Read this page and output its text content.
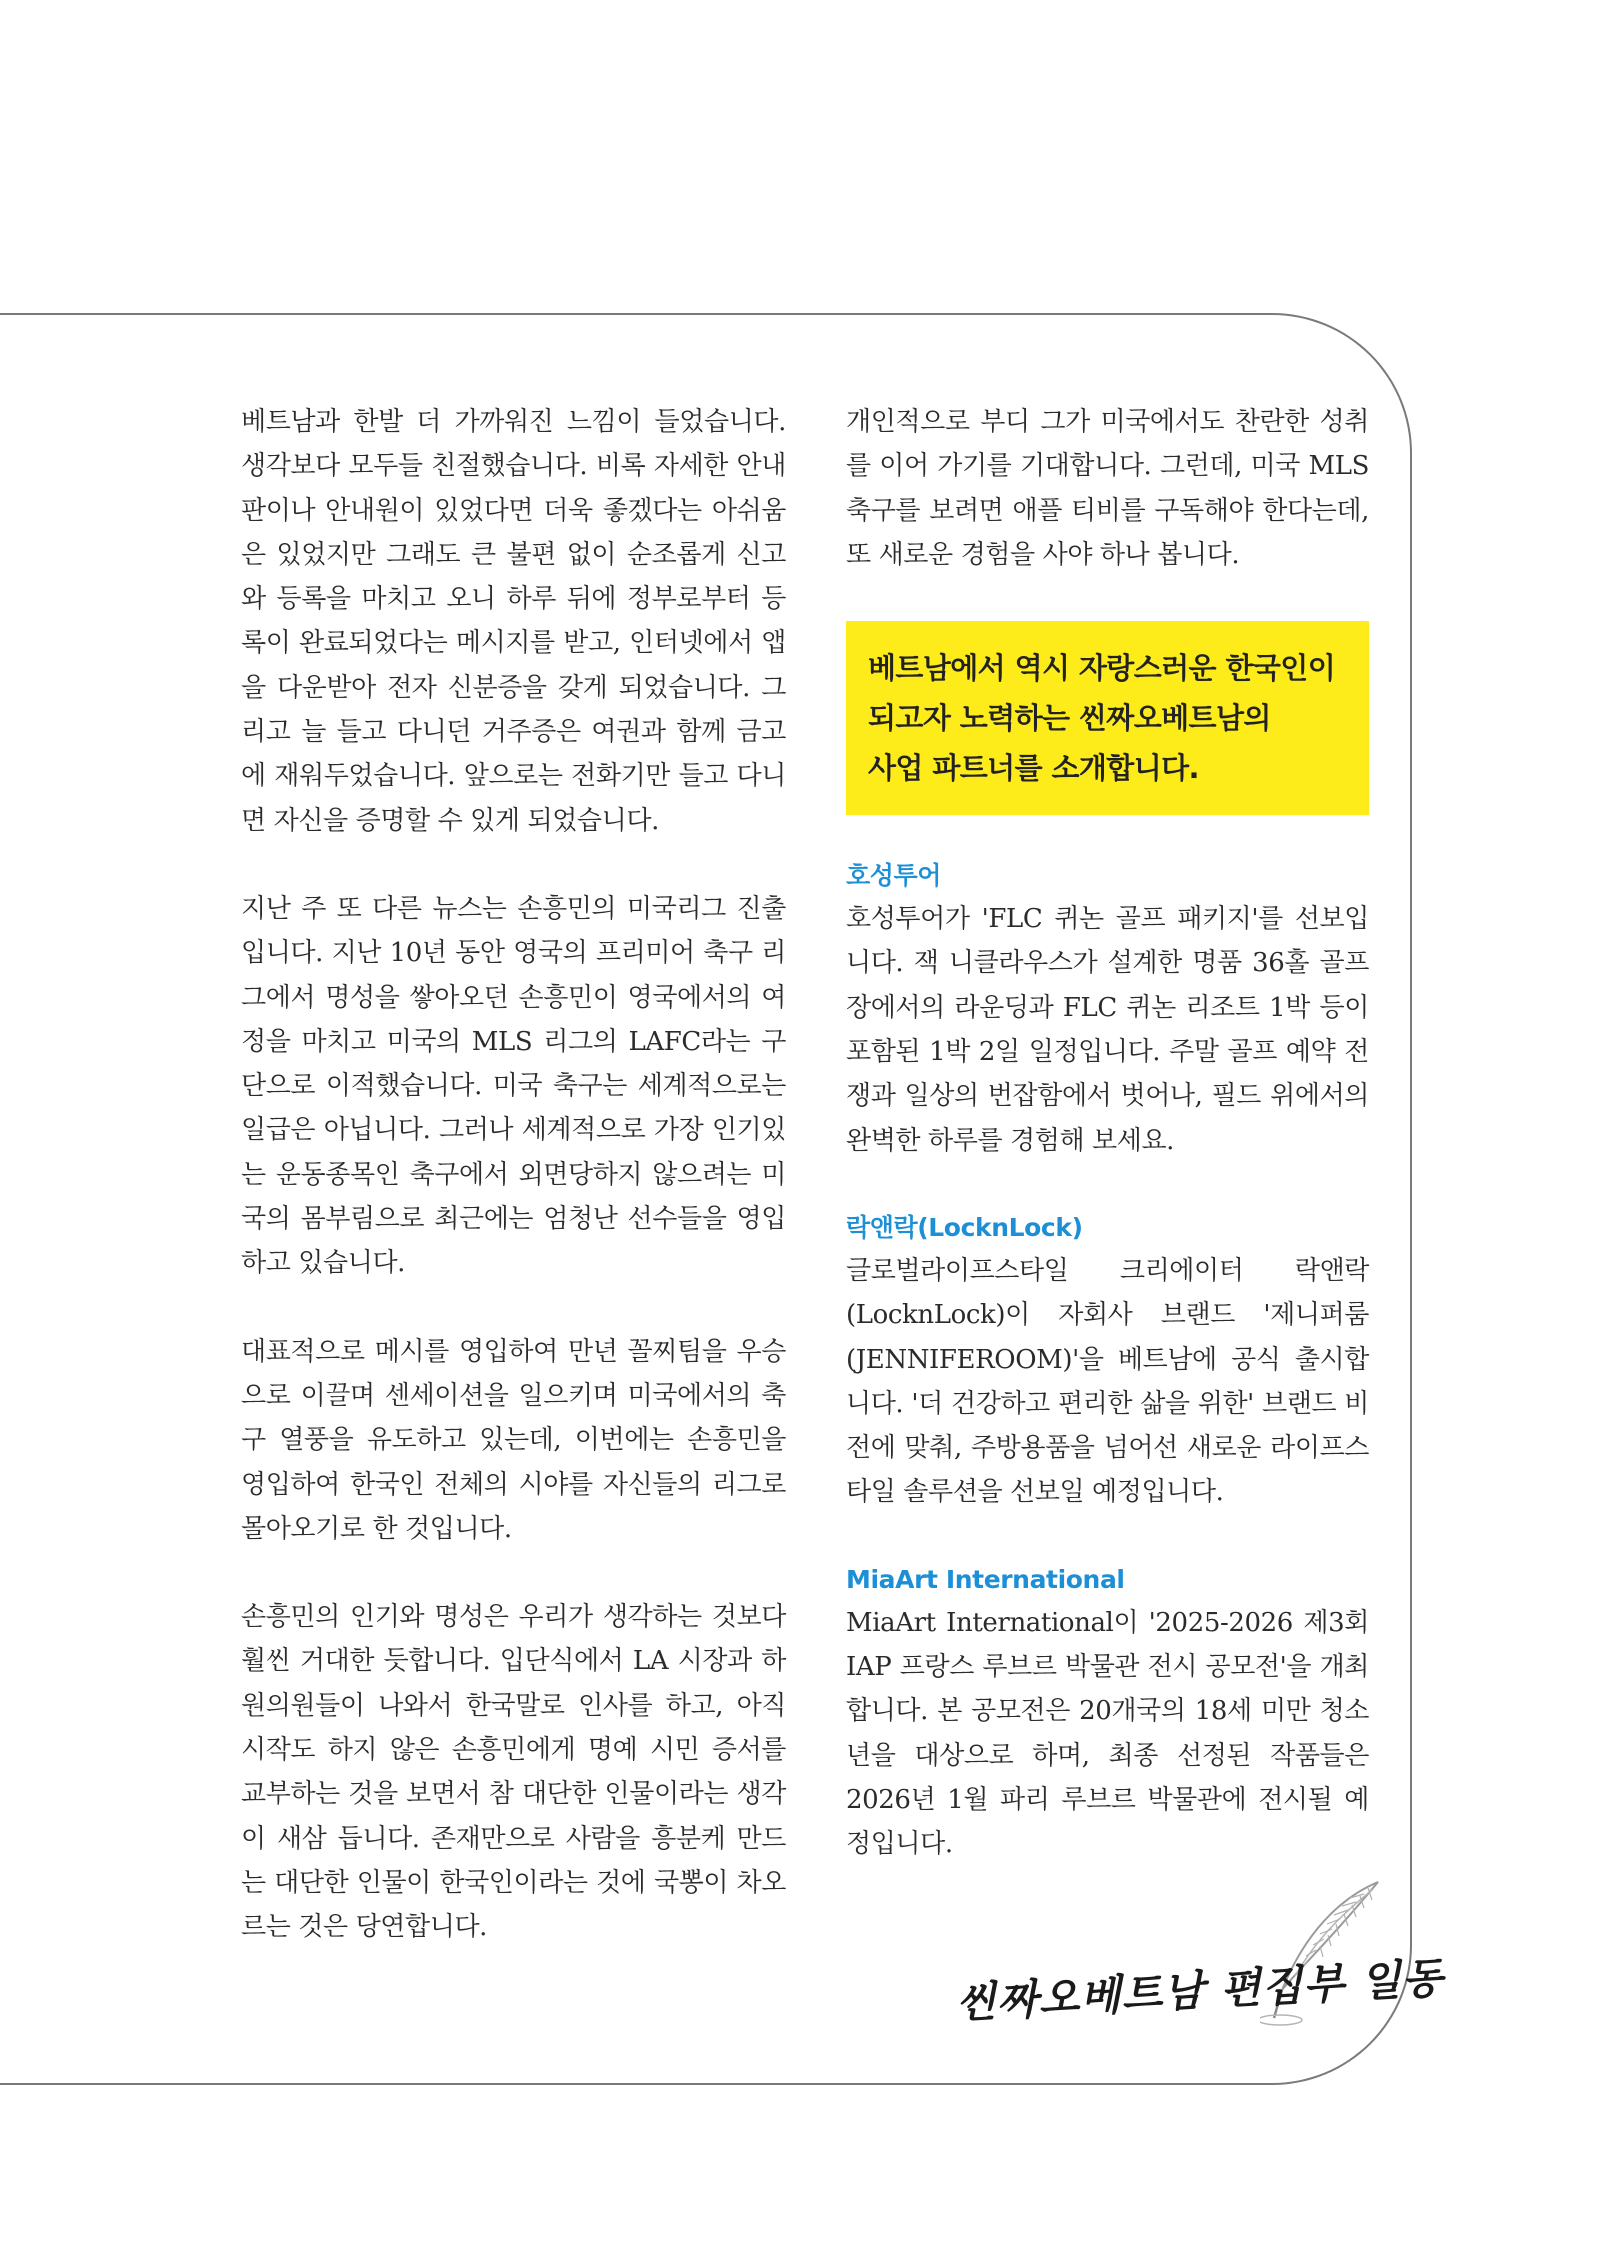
베트남과 한발 더 가까워진 느낌이 들었습니다. 생각보다 모두들 친절했습니다. 비록 자세한 안내판이나 안내원이 있었다면 더욱 좋겠다는 아쉬움은 있었지만 그래도 큰 불편 없이 순조롭게 신고와 등록을 마치고 오니 하루 뒤에 정부로부터 등록이 완료되었다는 메시지를 받고, 인터넷에서 앱을 다운받아 전자 신분증을 갖게 되었습니다. 그리고 늘 들고 다니던 거주증은 여권과 함께 금고에 재워두었습니다. 앞으로는 전화기만 들고 다니면 자신을 증명할 수 있게 되었습니다.

지난 주 또 다른 뉴스는 손흥민의 미국리그 진출입니다. 지난 10년 동안 영국의 프리미어 축구 리그에서 명성을 쌓아오던 손흥민이 영국에서의 여정을 마치고 미국의 MLS 리그의 LAFC라는 구단으로 이적했습니다. 미국 축구는 세계적으로는 일급은 아닙니다. 그러나 세계적으로 가장 인기있는 운동종목인 축구에서 외면당하지 않으려는 미국의 몸부림으로 최근에는 엄청난 선수들을 영입하고 있습니다.

대표적으로 메시를 영입하여 만년 꼴찌팀을 우승으로 이끌며 센세이션을 일으키며 미국에서의 축구 열풍을 유도하고 있는데, 이번에는 손흥민을 영입하여 한국인 전체의 시야를 자신들의 리그로 몰아오기로 한 것입니다.

손흥민의 인기와 명성은 우리가 생각하는 것보다 훨씬 거대한 듯합니다. 입단식에서 LA 시장과 하원의원들이 나와서 한국말로 인사를 하고, 아직 시작도 하지 않은 손흥민에게 명예 시민 증서를 교부하는 것을 보면서 참 대단한 인물이라는 생각이 새삼 듭니다. 존재만으로 사람을 흥분케 만드는 대단한 인물이 한국인이라는 것에 국뽕이 차오르는 것은 당연합니다.

개인적으로 부디 그가 미국에서도 찬란한 성취를 이어 가기를 기대합니다. 그런데, 미국 MLS 축구를 보려면 애플 티비를 구독해야 한다는데, 또 새로운 경험을 사야 하나 봅니다.

베트남에서 역시 자랑스러운 한국인이
되고자 노력하는 씬짜오베트남의
사업 파트너를 소개합니다.
호성투어

호성투어가 'FLC 퀴논 골프 패키지'를 선보입니다. 잭 니클라우스가 설계한 명품 36홀 골프장에서의 라운딩과 FLC 퀴논 리조트 1박 등이 포함된 1박 2일 일정입니다. 주말 골프 예약 전쟁과 일상의 번잡함에서 벗어나, 필드 위에서의 완벽한 하루를 경험해 보세요.

락앤락(LocknLock)

글로벌라이프스타일 크리에이터 락앤락(LocknLock)이 자회사 브랜드 '제니퍼룸(JENNIFEROOM)'을 베트남에 공식 출시합니다. '더 건강하고 편리한 삶을 위한' 브랜드 비전에 맞춰, 주방용품을 넘어선 새로운 라이프스타일 솔루션을 선보일 예정입니다.

MiaArt International

MiaArt International이 '2025-2026 제3회 IAP 프랑스 루브르 박물관 전시 공모전'을 개최합니다. 본 공모전은 20개국의 18세 미만 청소년을 대상으로 하며, 최종 선정된 작품들은 2026년 1월 파리 루브르 박물관에 전시될 예정입니다.

씬짜오베트남 편집부 일동
